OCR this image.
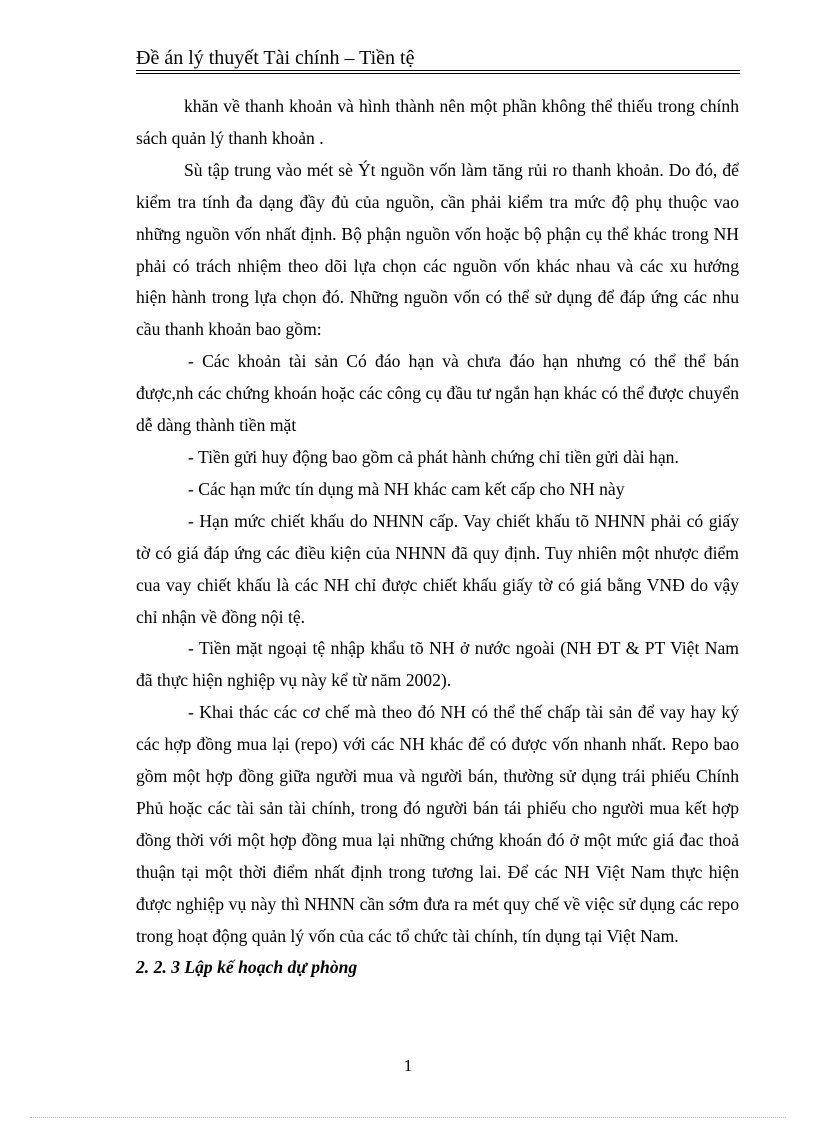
Đề án lý thuyết Tài chính – Tiền tệ

khăn về thanh khoản và hình thành nên một phần không thể thiếu trong chính sách quản lý thanh khoản .

Sù tập trung vào mét sè Ýt nguồn vốn làm tăng rủi ro thanh khoản. Do đó, để kiểm tra tính đa dạng đầy đủ của nguồn, cần phải kiểm tra mức độ phụ thuộc vao những nguồn vốn nhất định. Bộ phận nguồn vốn hoặc bộ phận cụ thể khác trong NH phải có trách nhiệm theo dõi lựa chọn các nguồn vốn khác nhau và các xu hướng hiện hành trong lựa chọn đó. Những nguồn vốn có thể sử dụng để đáp ứng các nhu cầu thanh khoản bao gồm:

- Các khoản tài sản Có đáo hạn và chưa đáo hạn nhưng có thể thể bán được,nh các chứng khoán hoặc các công cụ đầu tư ngắn hạn khác có thể được chuyển dễ dàng thành tiền mặt

- Tiền gửi huy động bao gồm cả phát hành chứng chỉ tiền gửi dài hạn.

- Các hạn mức tín dụng mà NH khác cam kết cấp cho NH này

- Hạn mức chiết khấu do NHNN cấp. Vay chiết khấu tõ NHNN phải có giấy tờ có giá đáp ứng các điều kiện của NHNN đã quy định. Tuy nhiên một nhược điểm cua vay chiết khấu là các NH chỉ được chiết khấu giấy tờ có giá bằng VNĐ do vậy chỉ nhận về đồng nội tệ.

- Tiền mặt ngoại tệ nhập khẩu tõ NH ở nước ngoài (NH ĐT & PT Việt Nam đã thực hiện nghiệp vụ này kể từ năm 2002).

- Khai thác các cơ chế mà theo đó NH có thể thế chấp tài sản để vay hay ký các hợp đồng mua lại (repo) với các NH khác để có được vốn nhanh nhất. Repo bao gồm một hợp đồng giữa người mua và người bán, thường sử dụng trái phiếu Chính Phủ hoặc các tài sản tài chính, trong đó người bán tái phiếu cho người mua kết hợp đồng thời với một hợp đồng mua lại những chứng khoán đó ở một mức giá đac thoả thuận tại một thời điểm nhất định trong tương lai. Để các NH Việt Nam thực hiện được nghiệp vụ này thì NHNN cần sớm đưa ra mét quy chế về việc sử dụng các repo trong hoạt động quản lý vốn của các tổ chức tài chính, tín dụng tại Việt Nam.

2. 2. 3 Lập kế hoạch dự phòng

1
